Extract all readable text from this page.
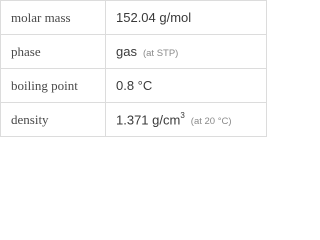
molar mass	152.04 g/mol
phase	gas (at STP)
boiling point	0.8 °C
density	1.371 $g/cm^3(at$ 20 °C)
